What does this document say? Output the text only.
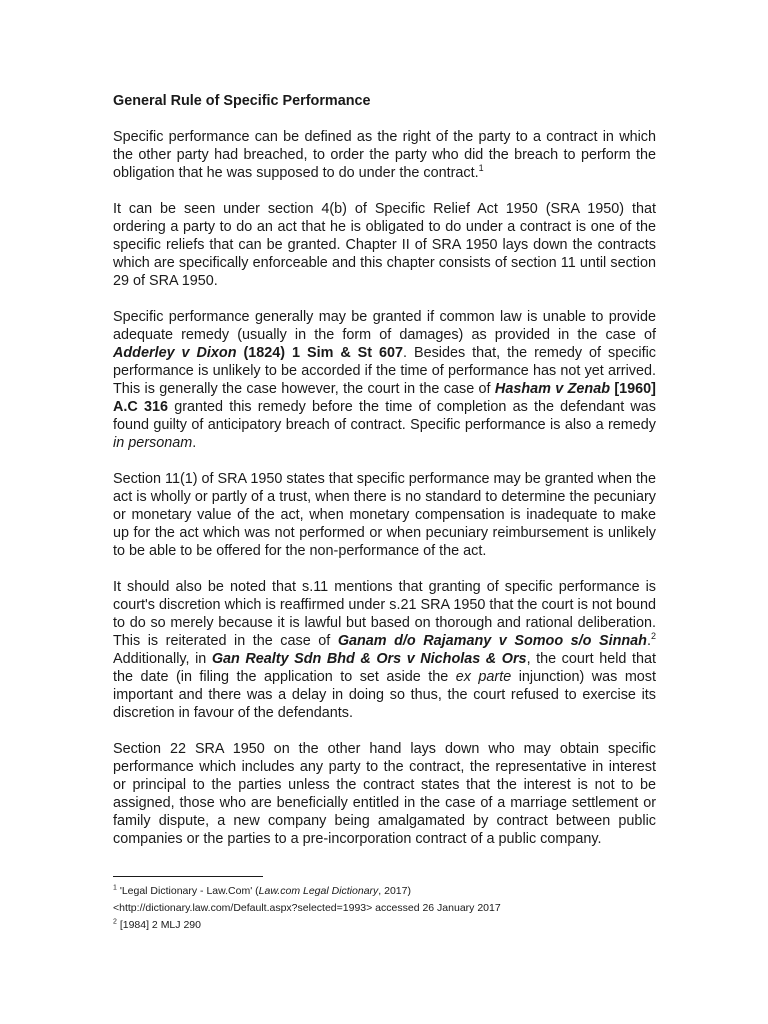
General Rule of Specific Performance

Specific performance can be defined as the right of the party to a contract in which the other party had breached, to order the party who did the breach to perform the obligation that he was supposed to do under the contract.$^1$

It can be seen under section 4(b) of Specific Relief Act 1950 (SRA 1950) that ordering a party to do an act that he is obligated to do under a contract is one of the specific reliefs that can be granted. Chapter II of SRA 1950 lays down the contracts which are specifically enforceable and this chapter consists of section 11 until section 29 of SRA 1950.

Specific performance generally may be granted if common law is unable to provide adequate remedy (usually in the form of damages) as provided in the case of Adderley v Dixon (1824) 1 Sim & St 607. Besides that, the remedy of specific performance is unlikely to be accorded if the time of performance has not yet arrived. This is generally the case however, the court in the case of Hasham v Zenab [1960] A.C 316 granted this remedy before the time of completion as the defendant was found guilty of anticipatory breach of contract. Specific performance is also a remedy in personam.

Section 11(1) of SRA 1950 states that specific performance may be granted when the act is wholly or partly of a trust, when there is no standard to determine the pecuniary or monetary value of the act, when monetary compensation is inadequate to make up for the act which was not performed or when pecuniary reimbursement is unlikely to be able to be offered for the non-performance of the act.

It should also be noted that s.11 mentions that granting of specific performance is court's discretion which is reaffirmed under s.21 SRA 1950 that the court is not bound to do so merely because it is lawful but based on thorough and rational deliberation. This is reiterated in the case of Ganam d/o Rajamany v Somoo s/o Sinnah.$^2$ Additionally, in Gan Realty Sdn Bhd & Ors v Nicholas & Ors, the court held that the date (in filing the application to set aside the ex parte injunction) was most important and there was a delay in doing so thus, the court refused to exercise its discretion in favour of the defendants.

Section 22 SRA 1950 on the other hand lays down who may obtain specific performance which includes any party to the contract, the representative in interest or principal to the parties unless the contract states that the interest is not to be assigned, those who are beneficially entitled in the case of a marriage settlement or family dispute, a new company being amalgamated by contract between public companies or the parties to a pre-incorporation contract of a public company.

$^1$ 'Legal Dictionary - Law.Com' (Law.com Legal Dictionary, 2017)
<http://dictionary.law.com/Default.aspx?selected=1993> accessed 26 January 2017
$^2$ [1984] 2 MLJ 290
